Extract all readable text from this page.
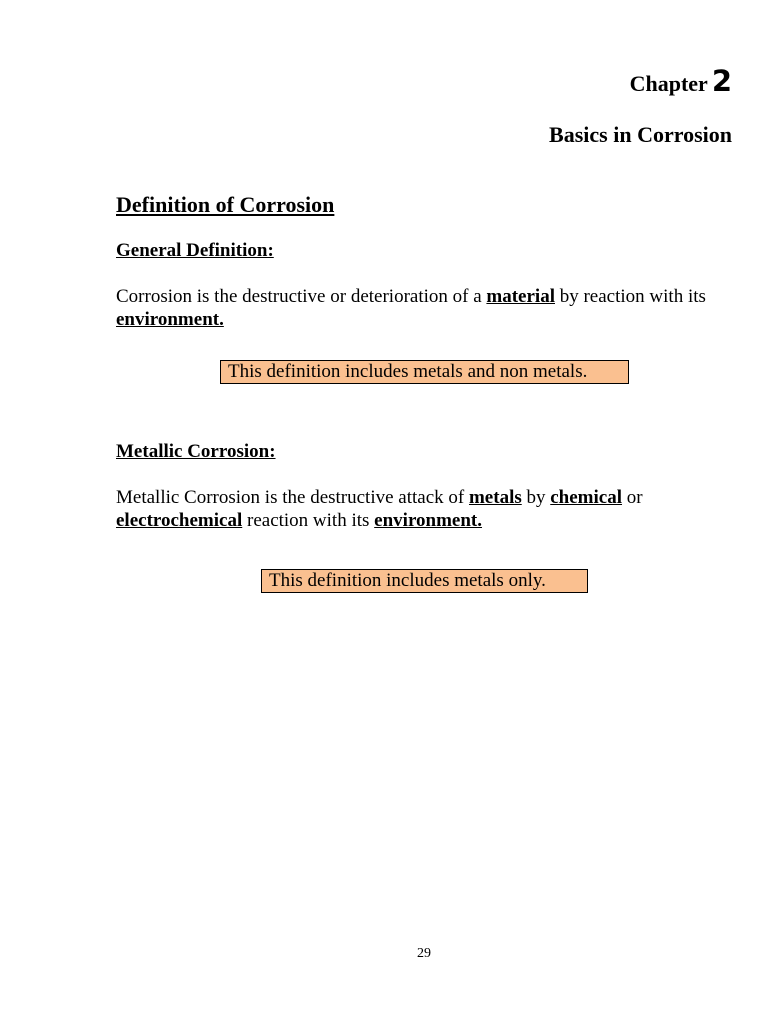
Chapter 2
Basics in Corrosion
Definition of Corrosion
General Definition:
Corrosion is the destructive or deterioration of a material by reaction with its environment.
This definition includes metals and non metals.
Metallic Corrosion:
Metallic Corrosion is the destructive attack of metals by chemical or electrochemical reaction with its environment.
This definition includes metals only.
29
